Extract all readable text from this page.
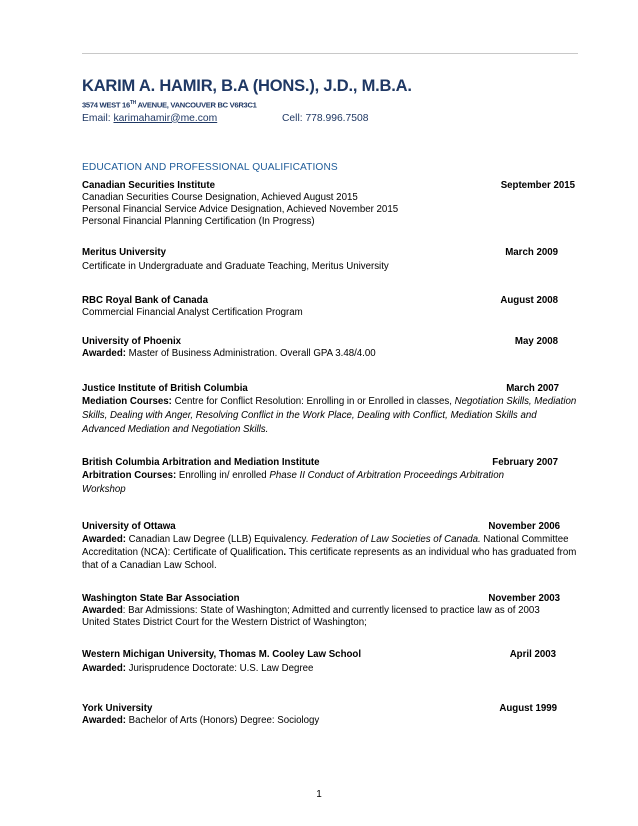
KARIM A. HAMIR, B.A (HONS.), J.D., M.B.A.
3574 WEST 16TH AVENUE, VANCOUVER BC V6R3C1
Email: karimahamir@me.com	Cell: 778.996.7508
EDUCATION AND PROFESSIONAL QUALIFICATIONS
Canadian Securities Institute	September 2015
Canadian Securities Course Designation, Achieved August 2015
Personal Financial Service Advice Designation, Achieved November 2015
Personal Financial Planning Certification (In Progress)
Meritus University	March 2009
Certificate in Undergraduate and Graduate Teaching, Meritus University
RBC Royal Bank of Canada	August 2008
Commercial Financial Analyst Certification Program
University of Phoenix	May 2008
Awarded: Master of Business Administration. Overall GPA 3.48/4.00
Justice Institute of British Columbia	March 2007
Mediation Courses: Centre for Conflict Resolution: Enrolling in or Enrolled in classes, Negotiation Skills, Mediation Skills, Dealing with Anger, Resolving Conflict in the Work Place, Dealing with Conflict, Mediation Skills and Advanced Mediation and Negotiation Skills.
British Columbia Arbitration and Mediation Institute	February 2007
Arbitration Courses: Enrolling in/ enrolled Phase II Conduct of Arbitration Proceedings Arbitration Workshop
University of Ottawa	November 2006
Awarded: Canadian Law Degree (LLB) Equivalency. Federation of Law Societies of Canada. National Committee Accreditation (NCA): Certificate of Qualification. This certificate represents as an individual who has graduated from that of a Canadian Law School.
Washington State Bar Association	November 2003
Awarded: Bar Admissions: State of Washington; Admitted and currently licensed to practice law as of 2003
United States District Court for the Western District of Washington;
Western Michigan University, Thomas M. Cooley Law School	April 2003
Awarded: Jurisprudence Doctorate: U.S. Law Degree
York University	August 1999
Awarded: Bachelor of Arts (Honors) Degree: Sociology
1
